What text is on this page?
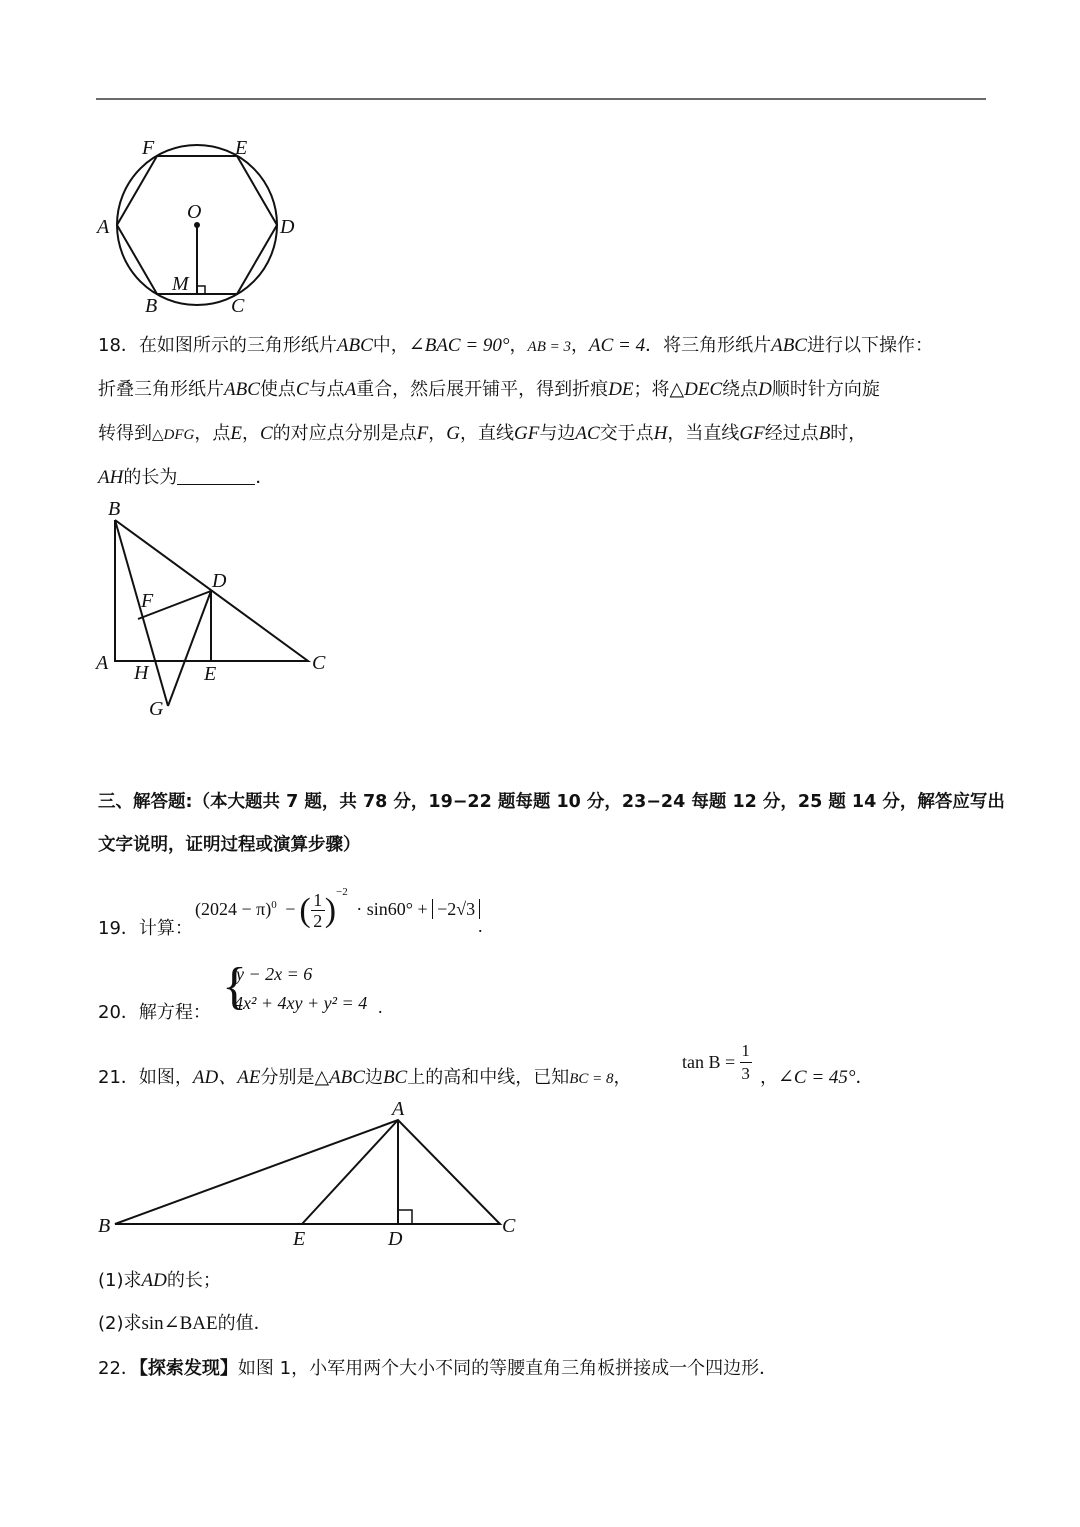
F	E
A	D
O
M
B	C
18．在如图所示的三角形纸片ABC中，∠BAC = 90°，AB = 3，AC = 4．将三角形纸片ABC进行以下操作：
折叠三角形纸片ABC使点C与点A重合，然后展开铺平，得到折痕DE；将△DEC绕点D顺时针方向旋
转得到△DFG，点E，C的对应点分别是点F，G，直线GF与边AC交于点H，当直线GF经过点B时，
AH的长为	．
B
D
F
A H	E	C
G
三、解答题:（本大题共 7 题，共 78 分，19−22 题每题 10 分，23−24 每题 12 分，25 题 14 分，解答应写出
文字说明，证明过程或演算步骤）
19．计算：
$(2024 - \pi)^0$ − ( $\frac{1}{2} )^{-2} \cdot \sin 60^\circ + -2√3$
.
20．解方程： {
y − 2x = 6
4x² + 4xy + y² = 4 .
21．如图，AD、AE分别是△ABC边BC上的高和中线，已知BC = 8，
$\tan B = \frac{1}{3}$ ，∠C = 45°．
A
B
E	D
C
(1)求AD的长；
(2)求sin∠BAE的值．
22．【探索发现】如图 1，小军用两个大小不同的等腰直角三角板拼接成一个四边形．
